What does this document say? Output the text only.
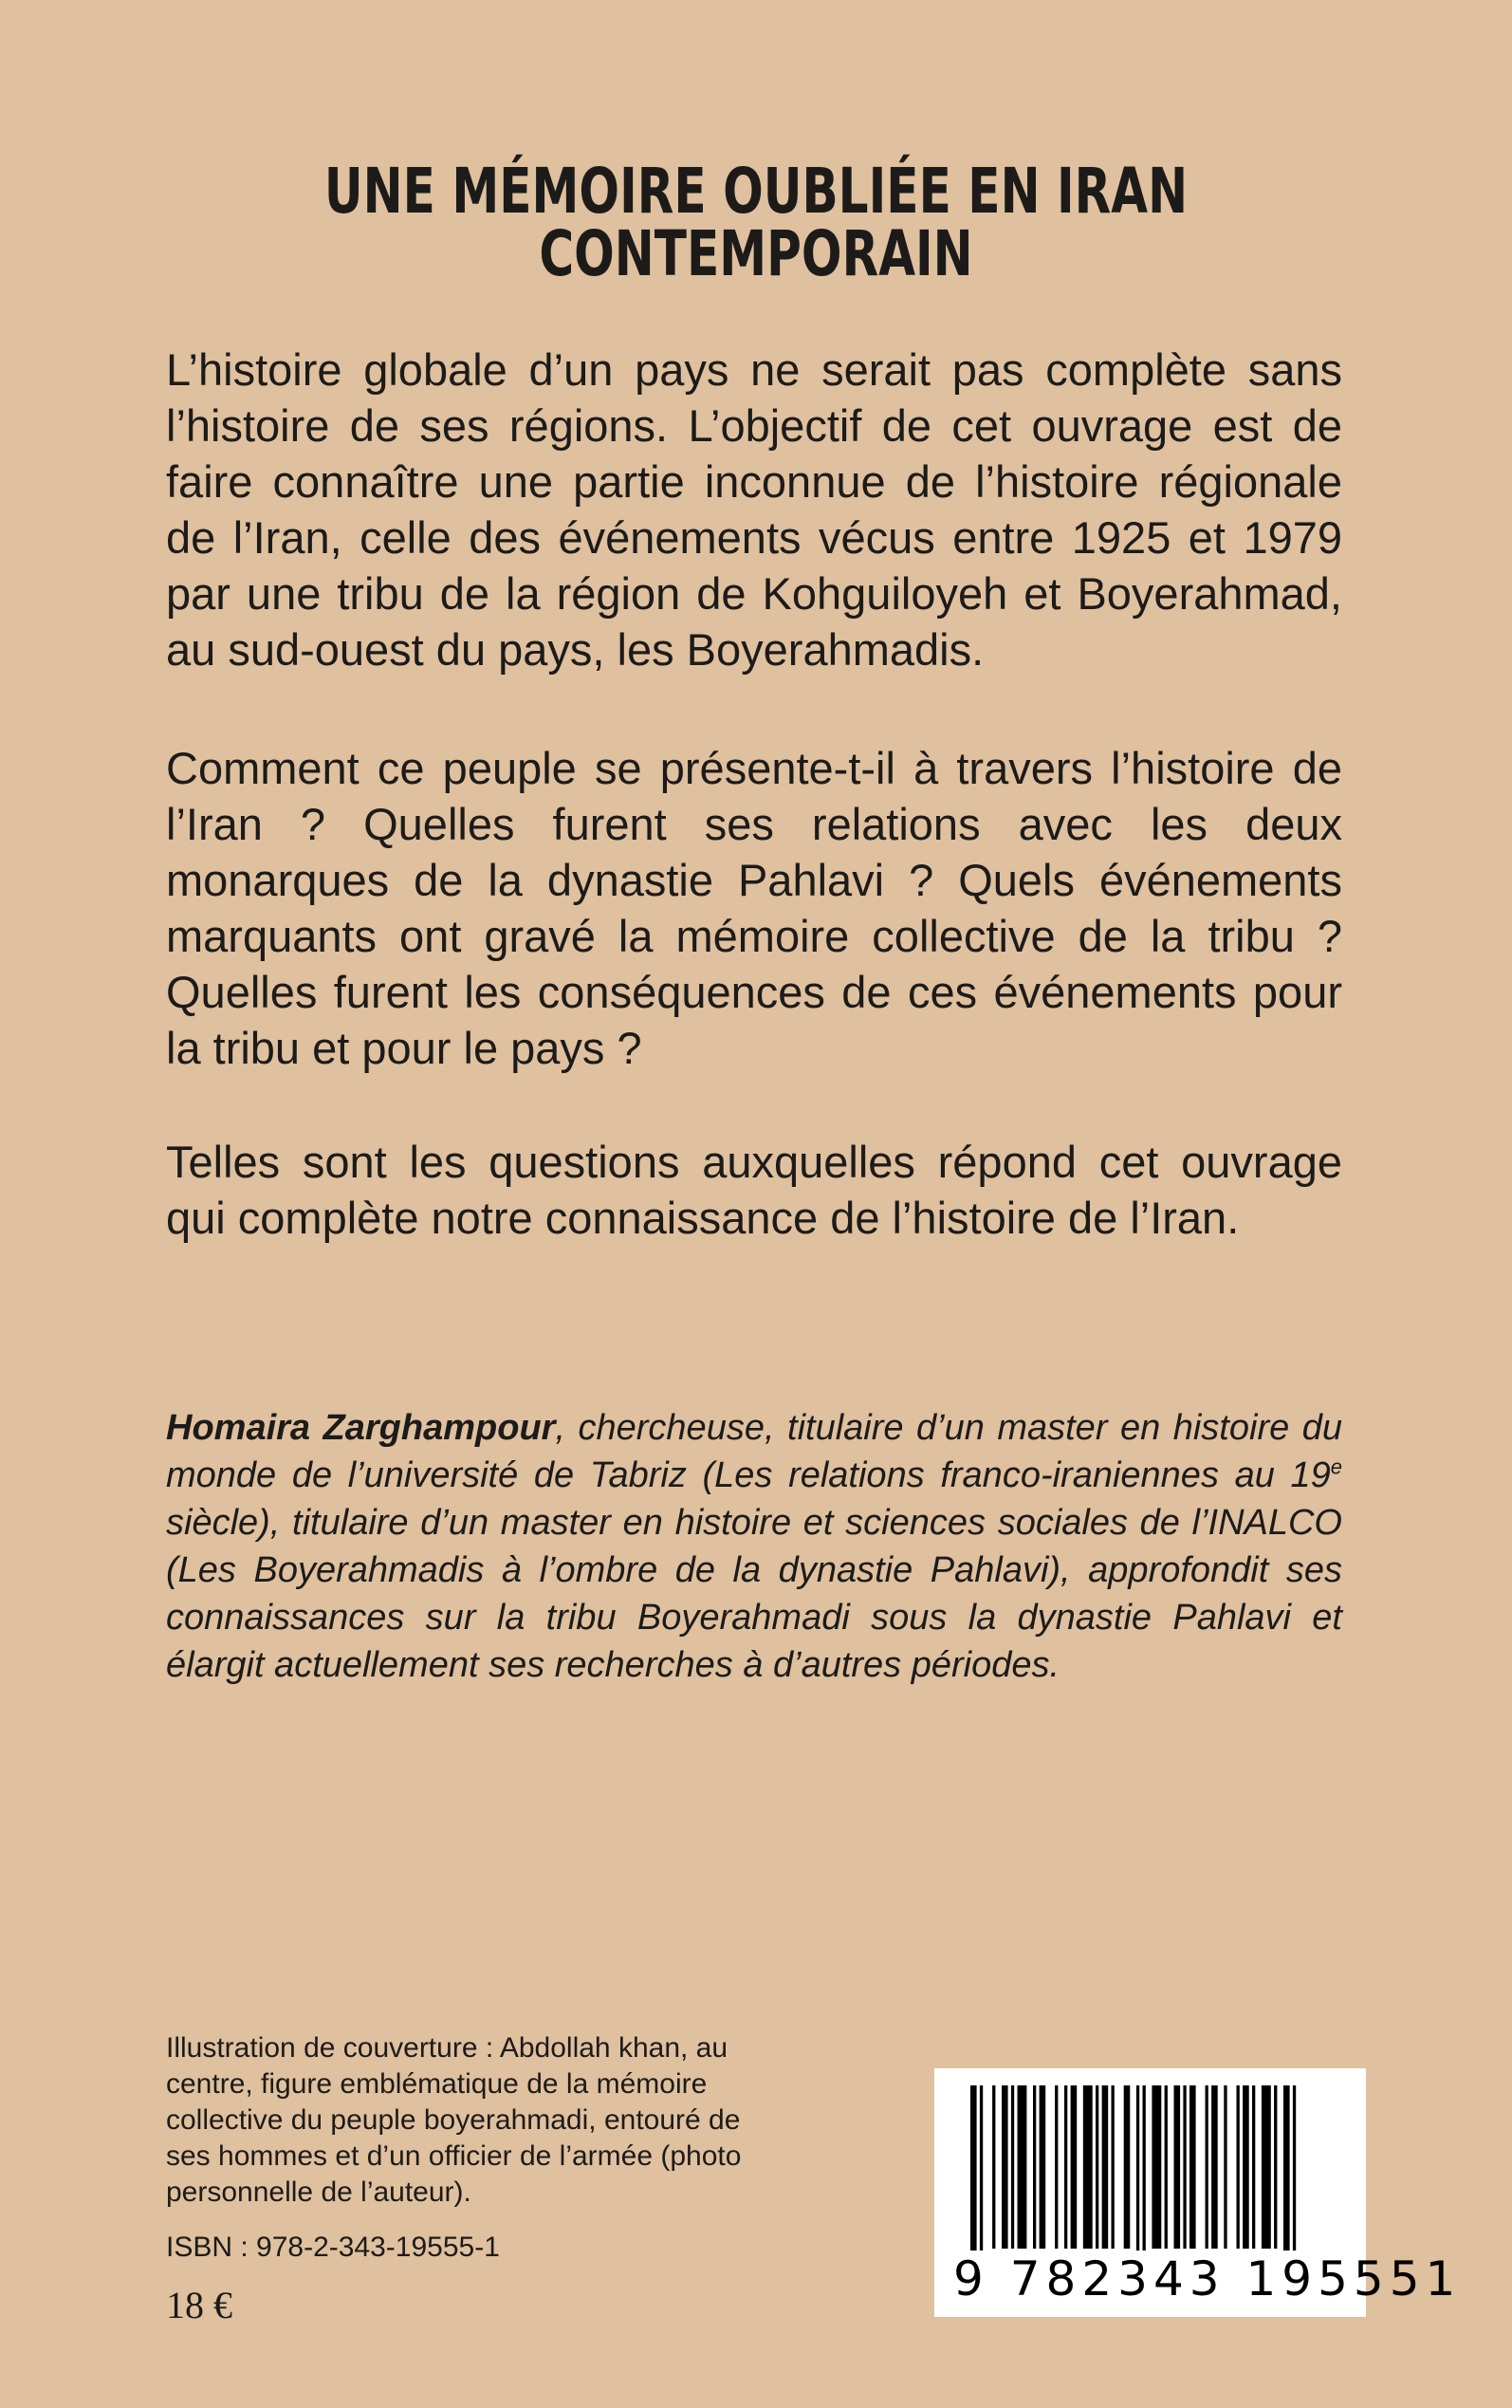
UNE MÉMOIRE OUBLIÉE EN IRAN CONTEMPORAIN

L’histoire globale d’un pays ne serait pas complète sans l’histoire de ses régions. L’objectif de cet ouvrage est de faire connaître une partie inconnue de l’histoire régionale de l’Iran, celle des événements vécus entre 1925 et 1979 par une tribu de la région de Kohguiloyeh et Boyerahmad, au sud-ouest du pays, les Boyerahmadis.

Comment ce peuple se présente-t-il à travers l’histoire de l’Iran ? Quelles furent ses relations avec les deux monarques de la dynastie Pahlavi ? Quels événements marquants ont gravé la mémoire collective de la tribu ? Quelles furent les conséquences de ces événements pour la tribu et pour le pays ?

Telles sont les questions auxquelles répond cet ouvrage qui complète notre connaissance de l’histoire de l’Iran.

Homaira Zarghampour, chercheuse, titulaire d’un master en histoire du monde de l’université de Tabriz (Les relations franco-iraniennes au 19e siècle), titulaire d’un master en histoire et sciences sociales de l’INALCO (Les Boyerahmadis à l’ombre de la dynastie Pahlavi), approfondit ses connaissances sur la tribu Boyerahmadi sous la dynastie Pahlavi et élargit actuellement ses recherches à d’autres périodes.

Illustration de couverture : Abdollah khan, au centre, figure emblématique de la mémoire collective du peuple boyerahmadi, entouré de ses hommes et d’un officier de l’armée (photo personnelle de l’auteur).

ISBN : 978-2-343-19555-1
18 €	9 782343 195551
